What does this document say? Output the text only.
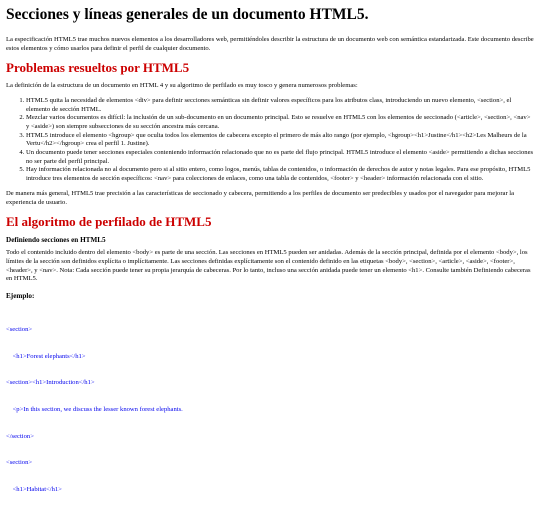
Secciones y líneas generales de un documento HTML5.

La especificación HTML5 trae muchos nuevos elementos a los desarrolladores web, permitiéndoles describir la estructura de un documento web con semántica estandarizada. Este documento describe estos elementos y cómo usarlos para definir el perfil de cualquier documento.

Problemas resueltos por HTML5

La definición de la estructura de un documento en HTML 4 y su algoritmo de perfilado es muy tosco y genera numerosos problemas:

1. HTML5 quita la necesidad de elementos <div> para definir secciones semánticas sin definir valores específicos para los atributos class, introduciendo un nuevo elemento, <section>, el elemento de sección HTML.
2. Mezclar varios documentos es difícil: la inclusión de un sub-documento en un documento principal. Esto se resuelve en HTML5 con los elementos de seccionado (<article>, <section>, <nav> y <aside>) son siempre subsecciones de su sección ancestra más cercana.
3. HTML5 introduce el elemento <hgroup> que oculta todos los elementos de cabecera excepto el primero de más alto rango (por ejemplo, <hgroup><h1>Justine</h1><h2>Les Malheurs de la Vertu</h2></hgroup> crea el perfil 1. Justine).
4. Un documento puede tener secciones especiales conteniendo información relacionado que no es parte del flujo principal. HTML5 introduce el elemento <aside> permitiendo a dichas secciones no ser parte del perfil principal.
5. Hay información relacionada no al documento pero si al sitio entero, como logos, menús, tablas de contenidos, o información de derechos de autor y notas legales. Para ese propósito, HTML5 introduce tres elementos de sección específicos: <nav> para colecciones de enlaces, como una tabla de contenidos, <footer> y <header> información relacionada con el sitio.

De manera más general, HTML5 trae precisión a las características de seccionado y cabecera, permitiendo a los perfiles de documento ser predecibles y usados por el navegador para mejorar la experiencia de usuario.

El algoritmo de perfilado de HTML5
Definiendo secciones en HTML5

Todo el contenido incluido dentro del elemento <body> es parte de una sección. Las secciones en HTML5 pueden ser anidadas. Además de la sección principal, definida por el elemento <body>, los límites de la sección son definidos explícita o implícitamente. Las secciones definidas explícitamente son el contenido definido en las etiquetas <body>, <section>, <article>, <aside>, <footer>, <header>, y <nav>. Nota: Cada sección puede tener su propia jerarquía de cabeceras. Por lo tanto, incluso una sección anidada puede tener un elemento <h1>. Consulte también Definiendo cabeceras en HTML5.

Ejemplo:

<section>

<h1>Forest elephants</h1>

<section><h1>Introduction</h1>

<p>In this section, we discuss the lesser known forest elephants.

</section>

<section>

<h1>Habitat</h1>
